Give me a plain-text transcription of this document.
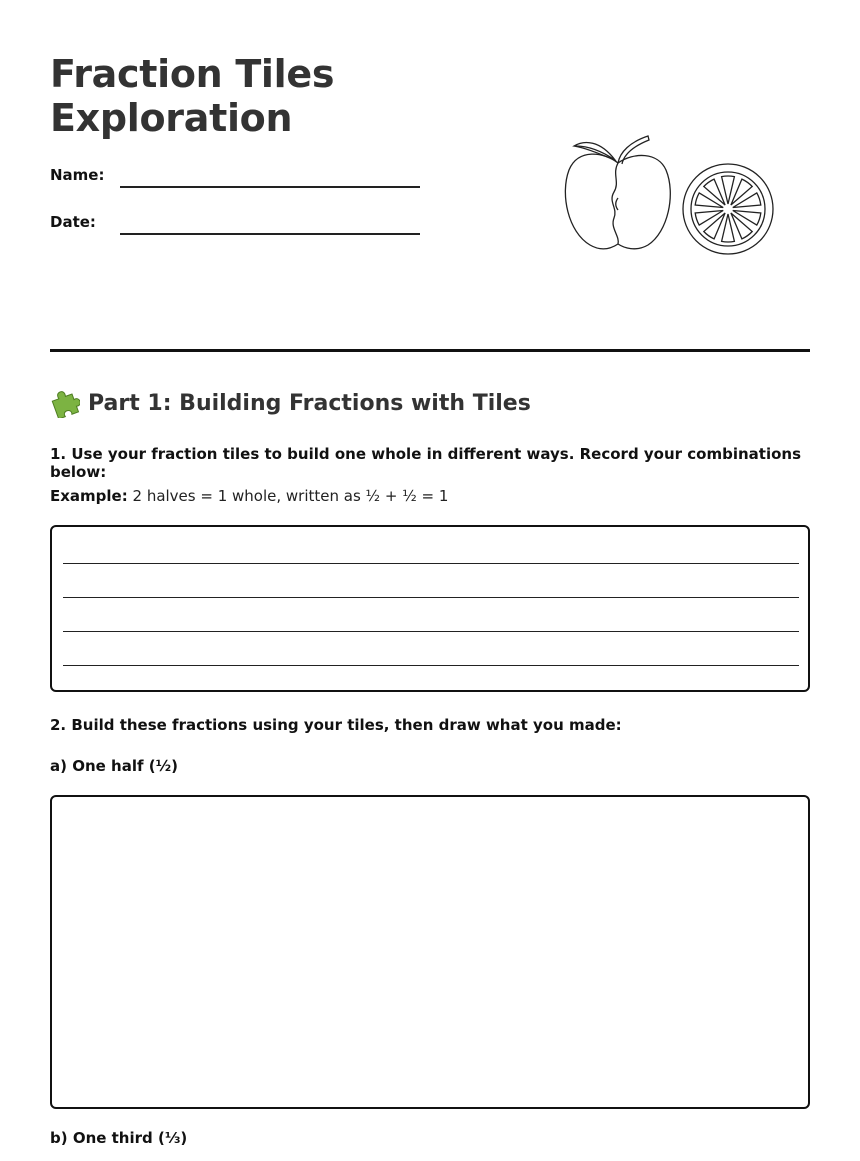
Fraction Tiles
Exploration
Name:
Date:
Part 1: Building Fractions with Tiles

1. Use your fraction tiles to build one whole in different ways. Record your combinations below:

Example: 2 halves = 1 whole, written as ½ + ½ = 1

2. Build these fractions using your tiles, then draw what you made:

a) One half (½)

b) One third (⅓)
